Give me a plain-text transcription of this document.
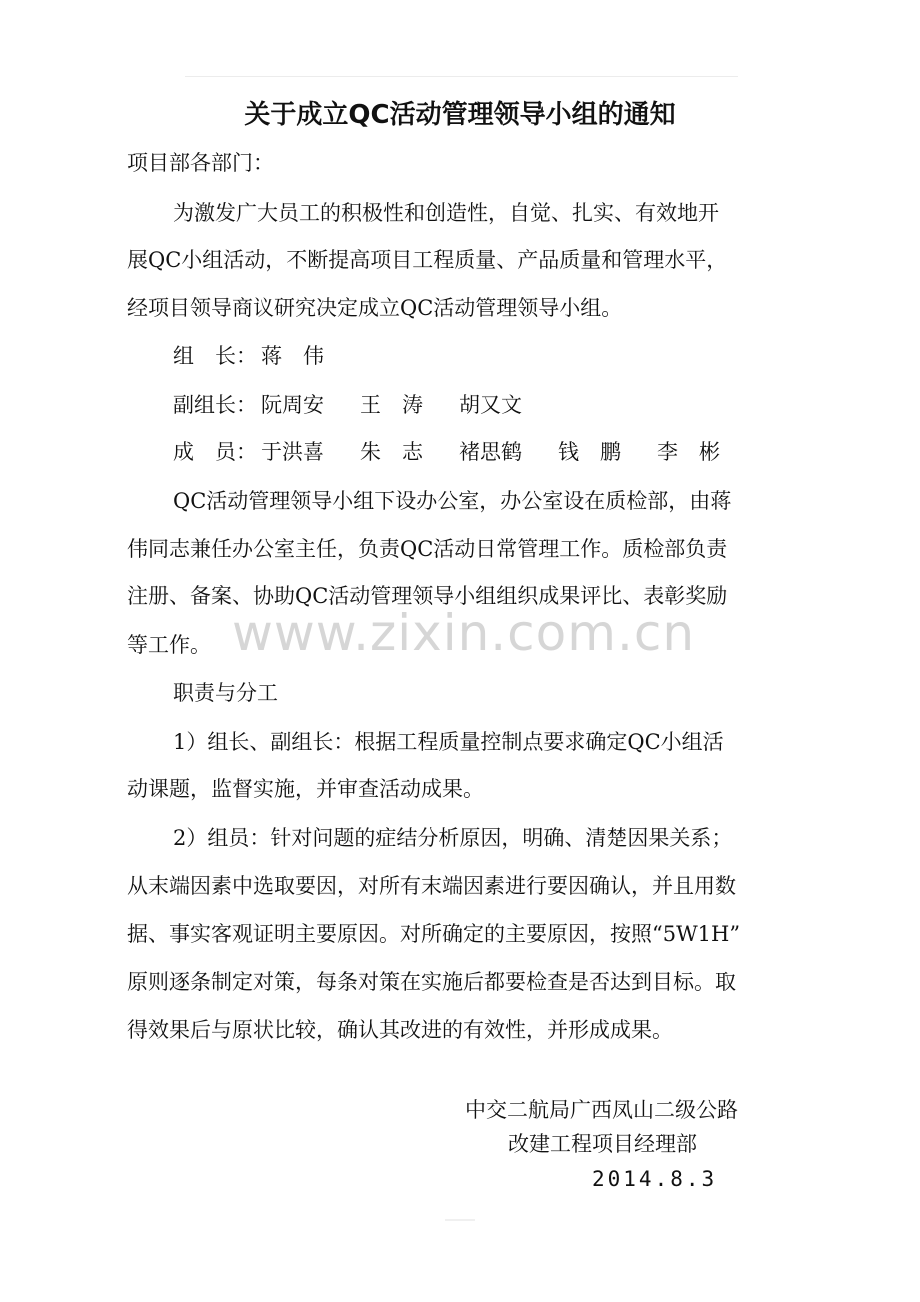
关于成立QC活动管理领导小组的通知
项目部各部门：
为激发广大员工的积极性和创造性，自觉、扎实、有效地开
展QC小组活动，不断提高项目工程质量、产品质量和管理水平，
经项目领导商议研究决定成立QC活动管理领导小组。
组　长： 蒋　伟
副组长： 阮周安 王　涛 胡又文
成　员： 于洪喜 朱　志 褚思鹤 钱　鹏 李　彬
QC活动管理领导小组下设办公室，办公室设在质检部，由蒋
伟同志兼任办公室主任，负责QC活动日常管理工作。质检部负责
注册、备案、协助QC活动管理领导小组组织成果评比、表彰奖励
等工作。 www.zixin.com.cn
职责与分工
1）组长、副组长：根据工程质量控制点要求确定QC小组活
动课题，监督实施，并审查活动成果。
2）组员：针对问题的症结分析原因，明确、清楚因果关系；
从末端因素中选取要因，对所有末端因素进行要因确认，并且用数
据、事实客观证明主要原因。对所确定的主要原因，按照“5W1H”
原则逐条制定对策，每条对策在实施后都要检查是否达到目标。取
得效果后与原状比较，确认其改进的有效性，并形成成果。
中交二航局广西凤山二级公路
改建工程项目经理部
2014.8.3
